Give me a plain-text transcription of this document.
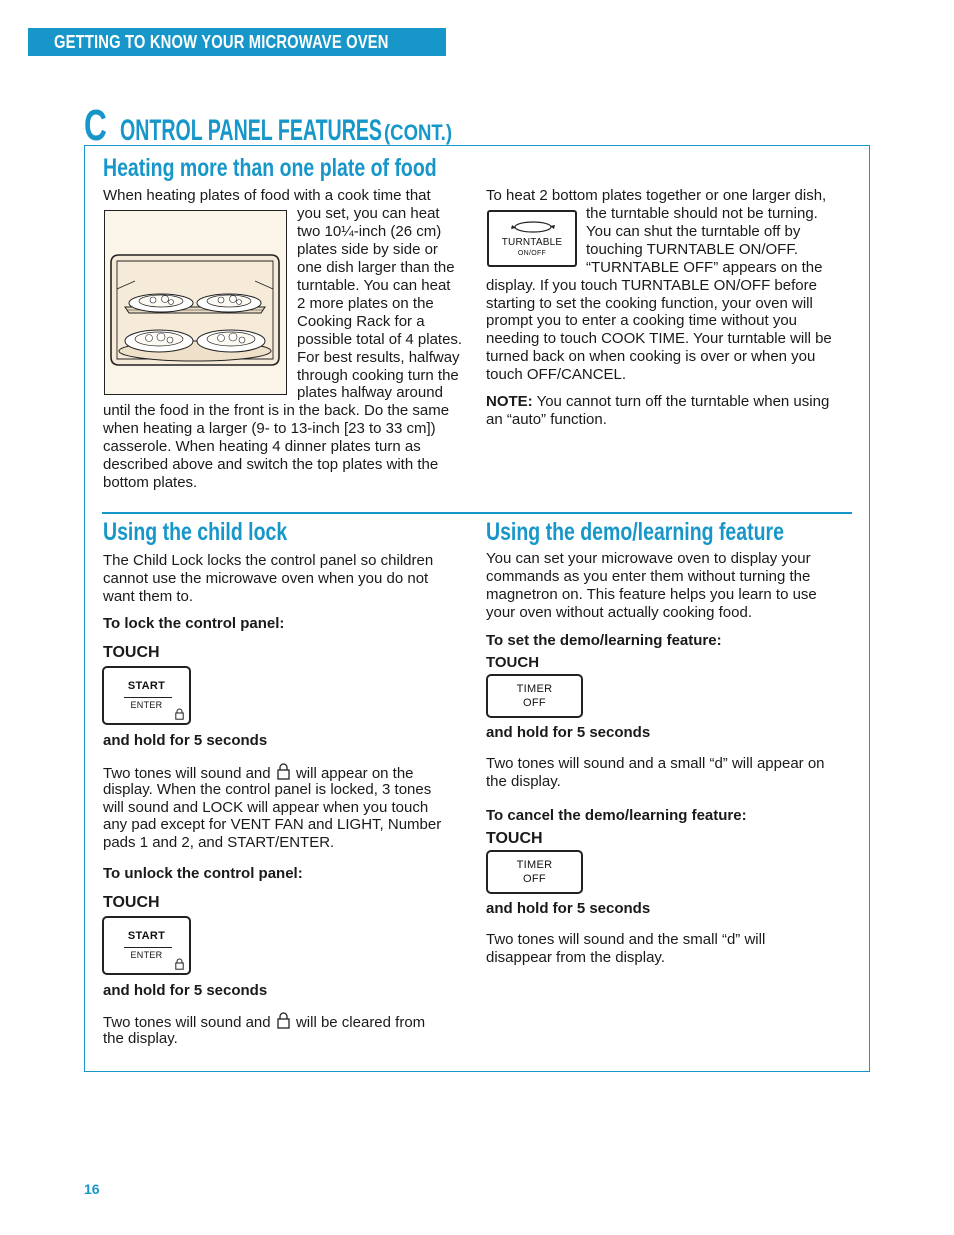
GETTING TO KNOW YOUR MICROWAVE OVEN
C ONTROL PANEL FEATURES (CONT.)
Heating more than one plate of food
When heating plates of food with a cook time that
you set, you can heat
two 10¼-inch (26 cm)
plates side by side or
one dish larger than the
turntable. You can heat
2 more plates on the
Cooking Rack for a
possible total of 4 plates.
For best results, halfway
through cooking turn the
plates halfway around
until the food in the front is in the back. Do the same
when heating a larger (9- to 13-inch [23 to 33 cm])
casserole. When heating 4 dinner plates turn as
described above and switch the top plates with the
bottom plates.
To heat 2 bottom plates together or one larger dish,
the turntable should not be turning.
You can shut the turntable off by
touching TURNTABLE ON/OFF.
“TURNTABLE OFF” appears on the
display. If you touch TURNTABLE ON/OFF before
starting to set the cooking function, your oven will
prompt you to enter a cooking time without you
needing to touch COOK TIME. Your turntable will be
turned back on when cooking is over or when you
touch OFF/CANCEL.
NOTE: You cannot turn off the turntable when using
an “auto” function.
TURNTABLE
ON/OFF
Using the child lock
The Child Lock locks the control panel so children
cannot use the microwave oven when you do not
want them to.
To lock the control panel:
TOUCH
START
ENTER
and hold for 5 seconds
Two tones will sound and  will appear on the
display. When the control panel is locked, 3 tones
will sound and LOCK will appear when you touch
any pad except for VENT FAN and LIGHT, Number
pads 1 and 2, and START/ENTER.
To unlock the control panel:
TOUCH
START
ENTER
and hold for 5 seconds
Two tones will sound and  will be cleared from
the display.
Using the demo/learning feature
You can set your microwave oven to display your
commands as you enter them without turning the
magnetron on. This feature helps you learn to use
your oven without actually cooking food.
To set the demo/learning feature:
TOUCH
TIMER
OFF
and hold for 5 seconds
Two tones will sound and a small “d” will appear on
the display.
To cancel the demo/learning feature:
TOUCH
TIMER
OFF
and hold for 5 seconds
Two tones will sound and the small “d” will
disappear from the display.
16
